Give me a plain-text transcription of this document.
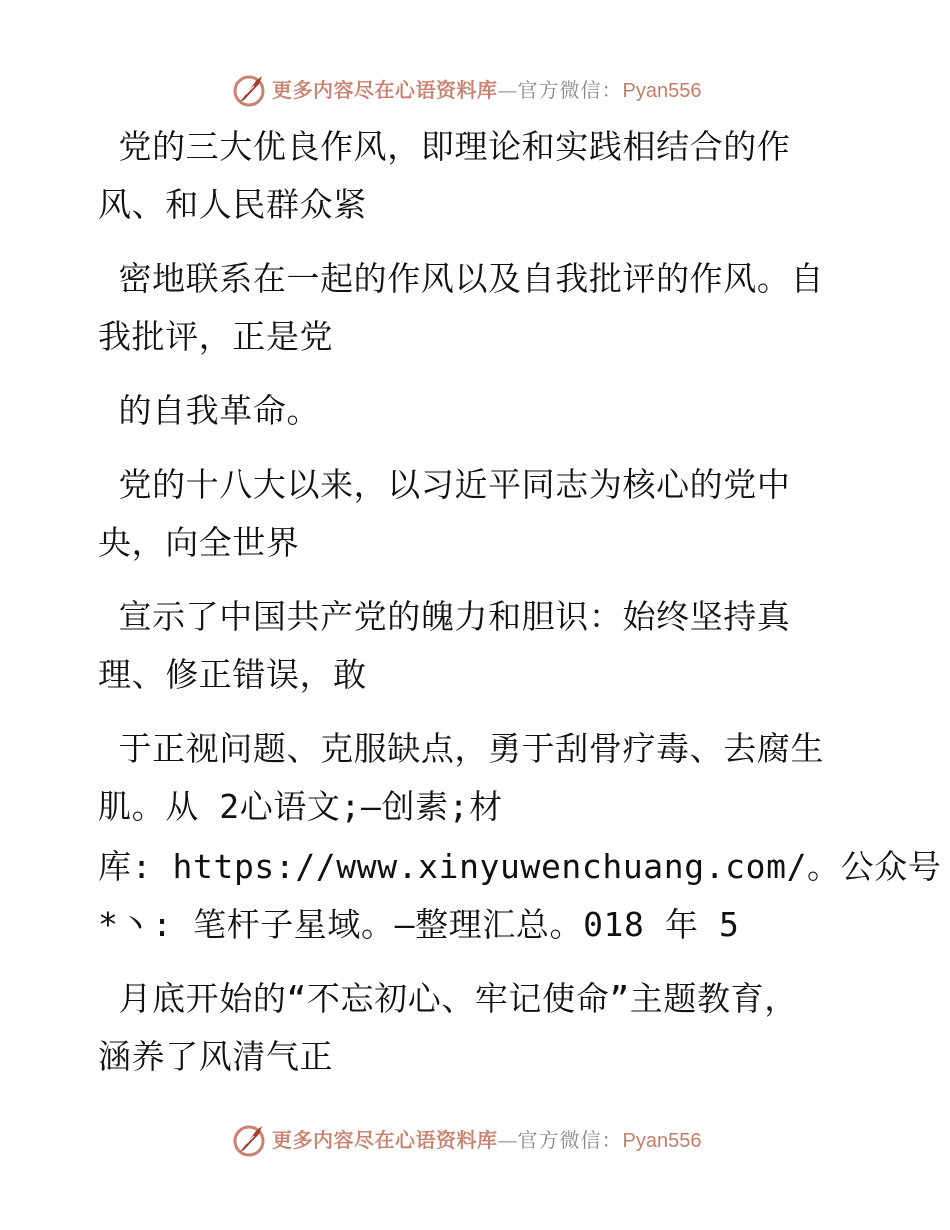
更多内容尽在心语资料库—官方微信：Pyan556
党的三大优良作风，即理论和实践相结合的作
风、和人民群众紧
密地联系在一起的作风以及自我批评的作风。自
我批评，正是党
的自我革命。
党的十八大以来，以习近平同志为核心的党中
央，向全世界
宣示了中国共产党的魄力和胆识：始终坚持真
理、修正错误，敢
于正视问题、克服缺点，勇于刮骨疗毒、去腐生
肌。从 2心语文;—创素;材
库: https://www.xinyuwenchuang.com/。公众号
*丶: 笔杆子星域。—整理汇总。018 年 5
月底开始的“不忘初心、牢记使命”主题教育，
涵养了风清气正
更多内容尽在心语资料库—官方微信：Pyan556
